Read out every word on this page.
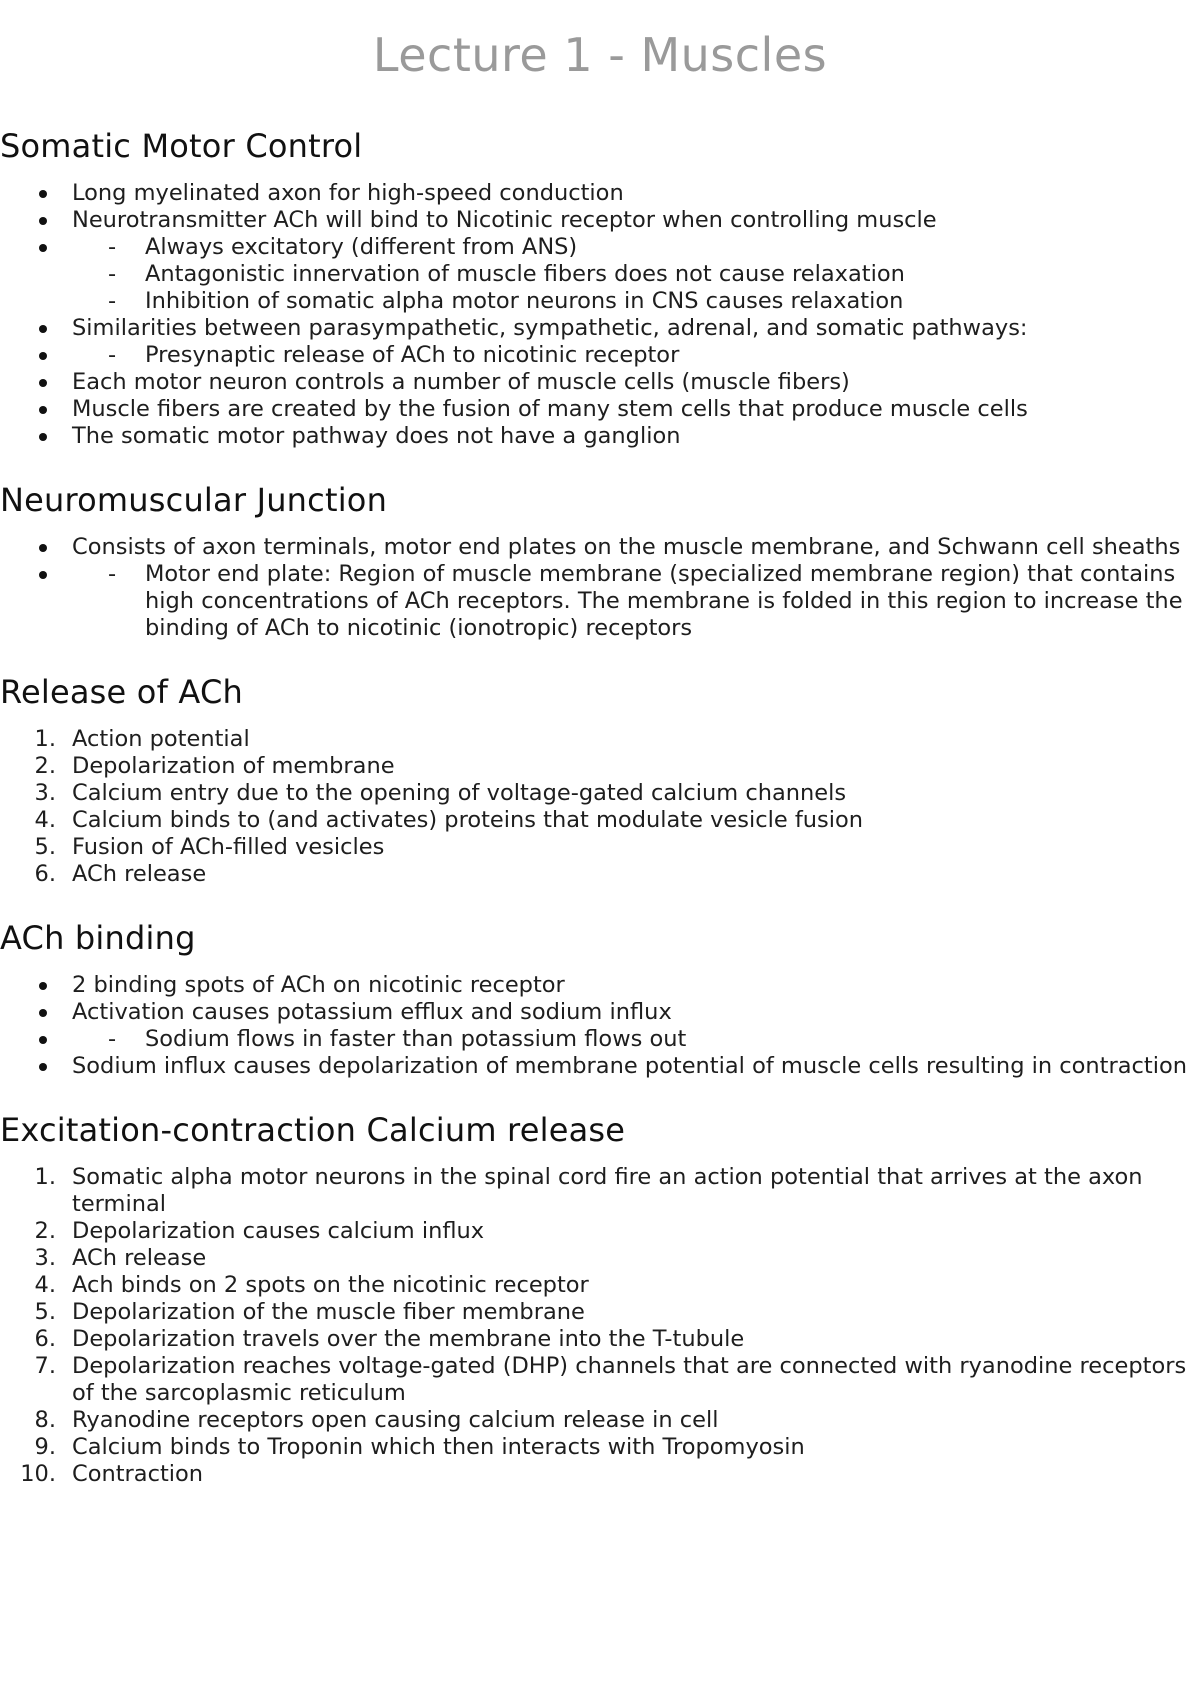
Lecture 1 - Muscles
Somatic Motor Control
Long myelinated axon for high-speed conduction
Neurotransmitter ACh will bind to Nicotinic receptor when controlling muscle
- Always excitatory (different from ANS)
- Antagonistic innervation of muscle fibers does not cause relaxation
- Inhibition of somatic alpha motor neurons in CNS causes relaxation
Similarities between parasympathetic, sympathetic, adrenal, and somatic pathways:
- Presynaptic release of ACh to nicotinic receptor
Each motor neuron controls a number of muscle cells (muscle fibers)
Muscle fibers are created by the fusion of many stem cells that produce muscle cells
The somatic motor pathway does not have a ganglion
Neuromuscular Junction
Consists of axon terminals, motor end plates on the muscle membrane, and Schwann cell sheaths
- Motor end plate: Region of muscle membrane (specialized membrane region) that contains high concentrations of ACh receptors. The membrane is folded in this region to increase the binding of ACh to nicotinic (ionotropic) receptors
Release of ACh
1. Action potential
2. Depolarization of membrane
3. Calcium entry due to the opening of voltage-gated calcium channels
4. Calcium binds to (and activates) proteins that modulate vesicle fusion
5. Fusion of ACh-filled vesicles
6. ACh release
ACh binding
2 binding spots of ACh on nicotinic receptor
Activation causes potassium efflux and sodium influx
- Sodium flows in faster than potassium flows out
Sodium influx causes depolarization of membrane potential of muscle cells resulting in contraction
Excitation-contraction Calcium release
1. Somatic alpha motor neurons in the spinal cord fire an action potential that arrives at the axon terminal
2. Depolarization causes calcium influx
3. ACh release
4. Ach binds on 2 spots on the nicotinic receptor
5. Depolarization of the muscle fiber membrane
6. Depolarization travels over the membrane into the T-tubule
7. Depolarization reaches voltage-gated (DHP) channels that are connected with ryanodine receptors of the sarcoplasmic reticulum
8. Ryanodine receptors open causing calcium release in cell
9. Calcium binds to Troponin which then interacts with Tropomyosin
10. Contraction
